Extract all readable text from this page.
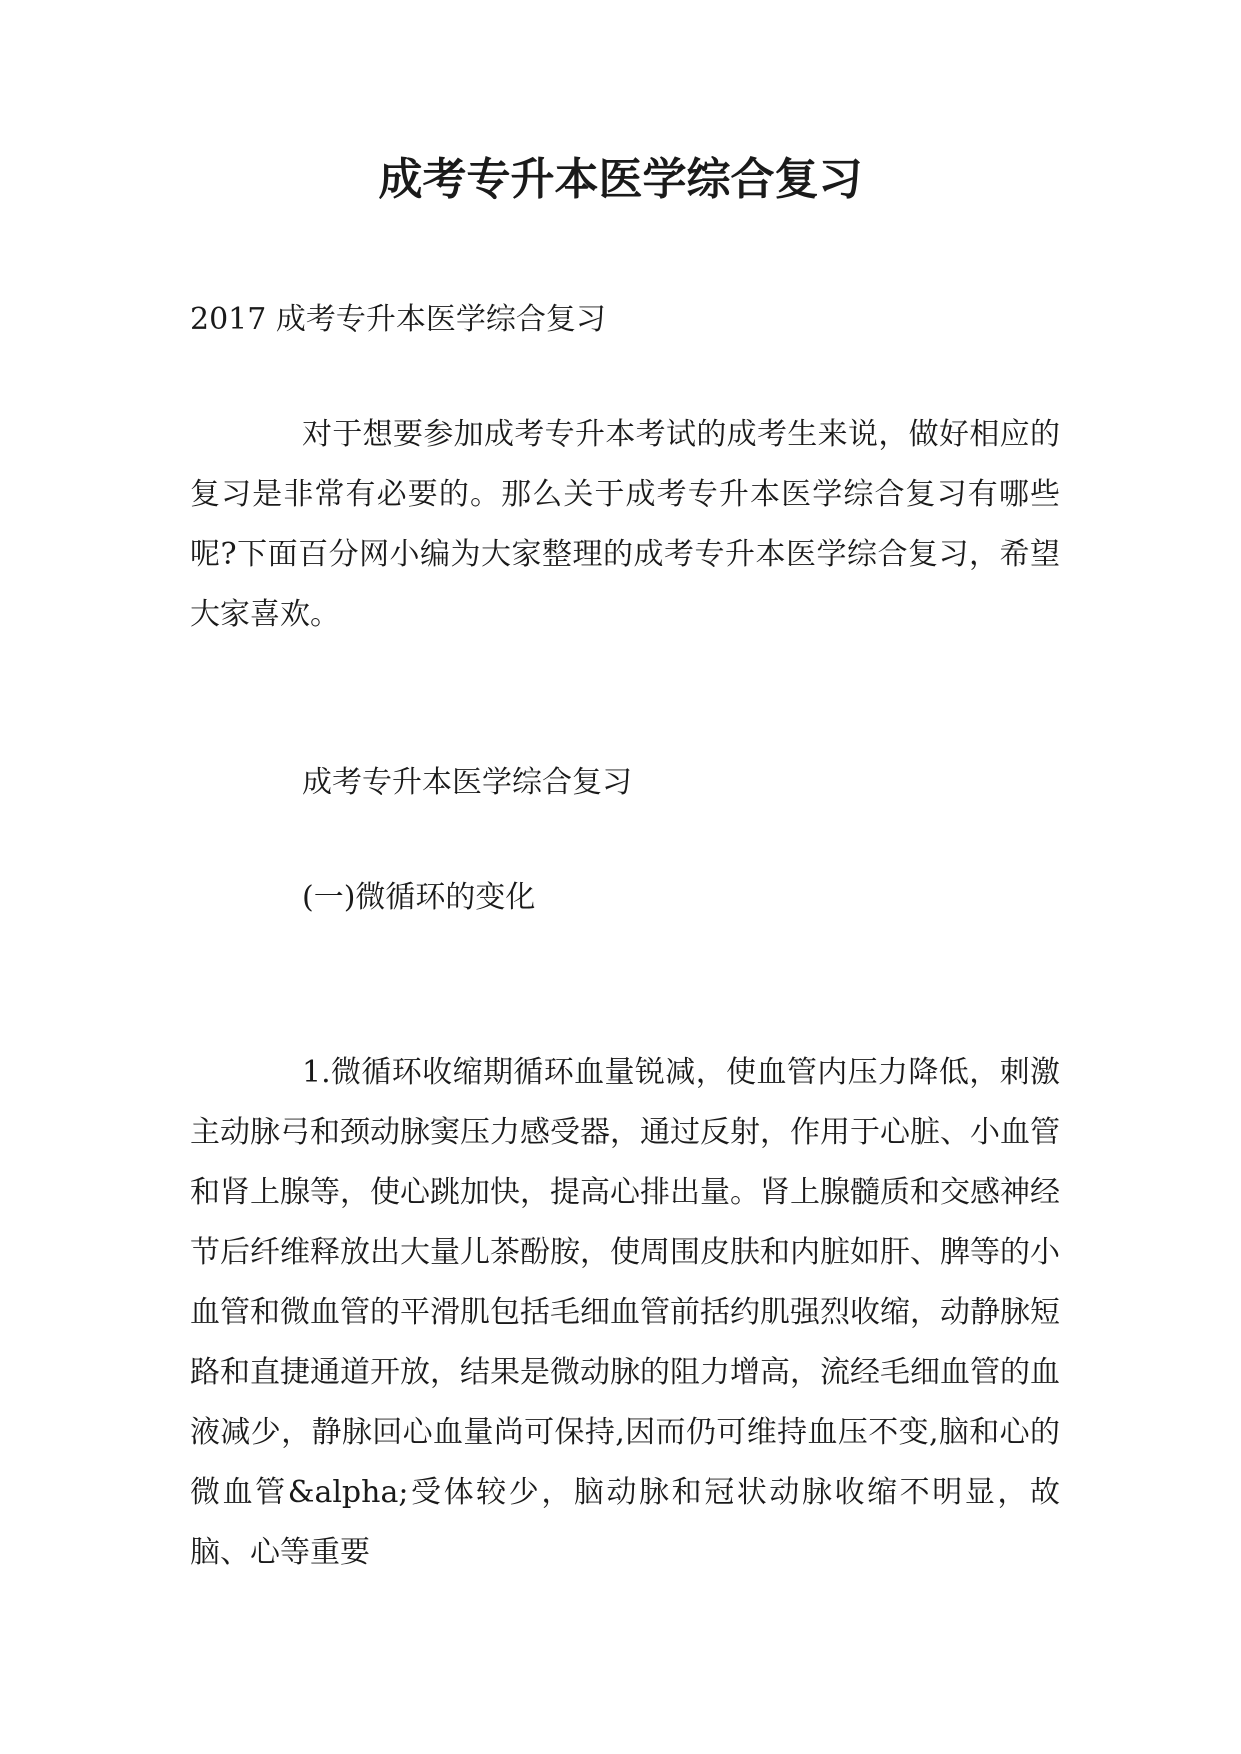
成考专升本医学综合复习

2017 成考专升本医学综合复习

对于想要参加成考专升本考试的成考生来说，做好相应的复习是非常有必要的。那么关于成考专升本医学综合复习有哪些呢?下面百分网小编为大家整理的成考专升本医学综合复习，希望大家喜欢。

成考专升本医学综合复习

(一)微循环的变化

1.微循环收缩期循环血量锐减，使血管内压力降低，刺激主动脉弓和颈动脉窦压力感受器，通过反射，作用于心脏、小血管和肾上腺等，使心跳加快，提高心排出量。肾上腺髓质和交感神经节后纤维释放出大量儿茶酚胺，使周围皮肤和内脏如肝、脾等的小血管和微血管的平滑肌包括毛细血管前括约肌强烈收缩，动静脉短路和直捷通道开放，结果是微动脉的阻力增高，流经毛细血管的血液减少，静脉回心血量尚可保持,因而仍可维持血压不变,脑和心的微血管&alpha;受体较少，脑动脉和冠状动脉收缩不明显，故脑、心等重要
